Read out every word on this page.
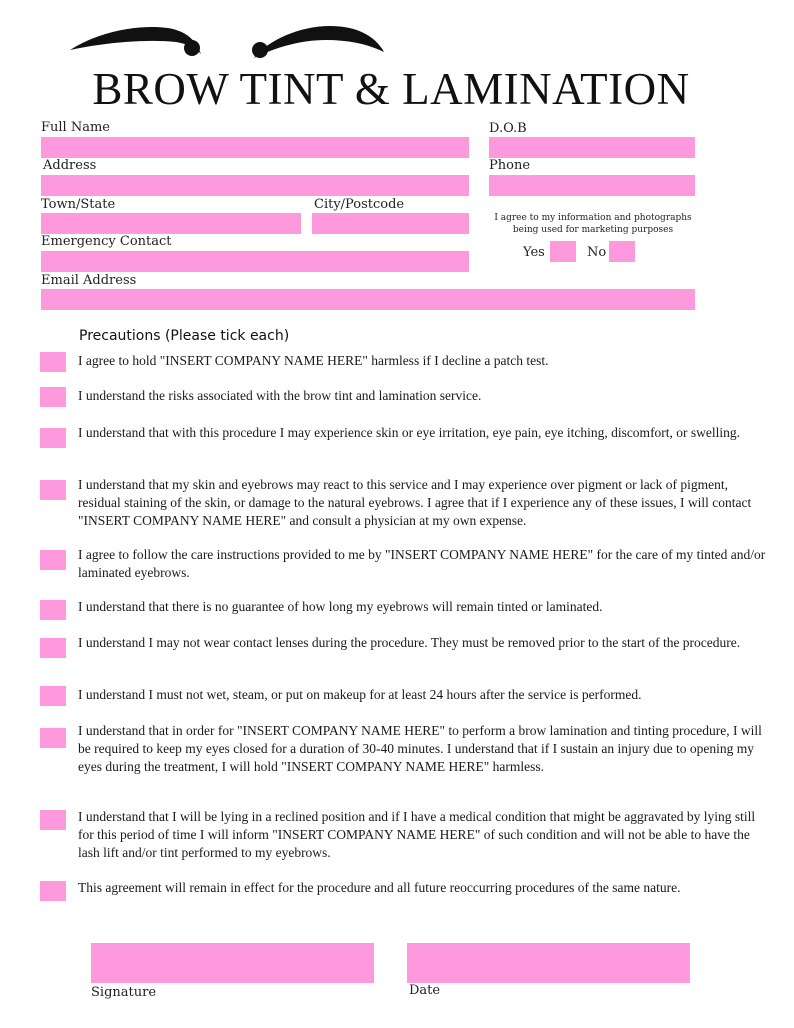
BROW TINT & LAMINATION
Full Name	D.O.B
Address	Phone
Town/State	City/Postcode
I agree to my information and photographs being used for marketing purposes
Yes	No
Emergency Contact
Email Address
Precautions (Please tick each)
I agree to hold "INSERT COMPANY NAME HERE" harmless if I decline a patch test.
I understand the risks associated with the brow tint and lamination service.
I understand that with this procedure I may experience skin or eye irritation, eye pain, eye itching, discomfort, or swelling.
I understand that my skin and eyebrows may react to this service and I may experience over pigment or lack of pigment, residual staining of the skin, or damage to the natural eyebrows. I agree that if I experience any of these issues, I will contact "INSERT COMPANY NAME HERE" and consult a physician at my own expense.
I agree to follow the care instructions provided to me by "INSERT COMPANY NAME HERE" for the care of my tinted and/or laminated eyebrows.
I understand that there is no guarantee of how long my eyebrows will remain tinted or laminated.
I understand I may not wear contact lenses during the procedure. They must be removed prior to the start of the procedure.
I understand I must not wet, steam, or put on makeup for at least 24 hours after the service is performed.
I understand that in order for "INSERT COMPANY NAME HERE" to perform a brow lamination and tinting procedure, I will be required to keep my eyes closed for a duration of 30-40 minutes. I understand that if I sustain an injury due to opening my eyes during the treatment, I will hold "INSERT COMPANY NAME HERE" harmless.
I understand that I will be lying in a reclined position and if I have a medical condition that might be aggravated by lying still for this period of time I will inform "INSERT COMPANY NAME HERE" of such condition and will not be able to have the lash lift and/or tint performed to my eyebrows.
This agreement will remain in effect for the procedure and all future reoccurring procedures of the same nature.
Signature	Date
